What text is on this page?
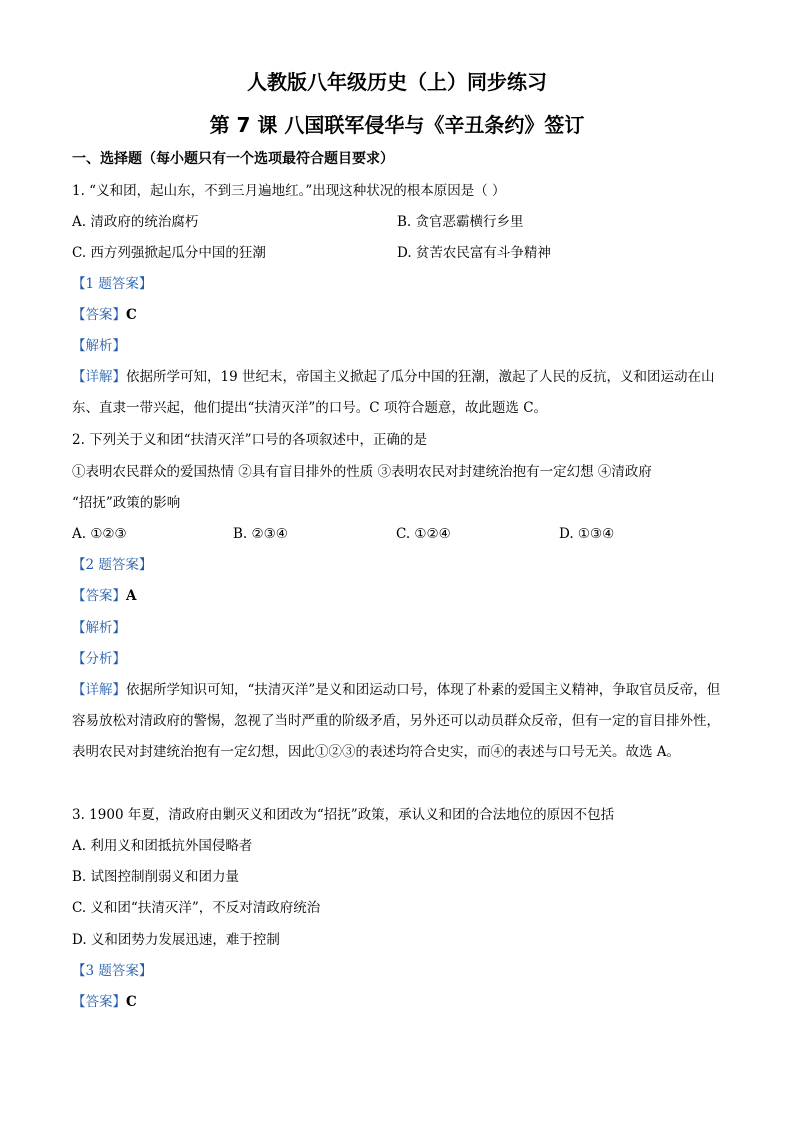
人教版八年级历史（上）同步练习
第 7 课 八国联军侵华与《辛丑条约》签订
一、选择题（每小题只有一个选项最符合题目要求）
1. “义和团，起山东，不到三月遍地红。”出现这种状况的根本原因是（ ）
A. 清政府的统治腐朽	B. 贪官恶霸横行乡里
C. 西方列强掀起瓜分中国的狂潮	D. 贫苦农民富有斗争精神
【1 题答案】
【答案】C
【解析】
【详解】依据所学可知，19 世纪末，帝国主义掀起了瓜分中国的狂潮，激起了人民的反抗，义和团运动在山东、直隶一带兴起，他们提出“扶清灭洋”的口号。C 项符合题意，故此题选 C。
2. 下列关于义和团“扶清灭洋”口号的各项叙述中，正确的是
①表明农民群众的爱国热情 ②具有盲目排外的性质 ③表明农民对封建统治抱有一定幻想 ④清政府
“招抚”政策的影响
A. ①②③	B. ②③④	C. ①②④	D. ①③④
【2 题答案】
【答案】A
【解析】
【分析】
【详解】依据所学知识可知，“扶清灭洋”是义和团运动口号，体现了朴素的爱国主义精神，争取官员反帝，但容易放松对清政府的警惕，忽视了当时严重的阶级矛盾，另外还可以动员群众反帝，但有一定的盲目排外性，表明农民对封建统治抱有一定幻想，因此①②③的表述均符合史实，而④的表述与口号无关。故选 A。
3. 1900 年夏，清政府由剿灭义和团改为“招抚”政策，承认义和团的合法地位的原因不包括
A. 利用义和团抵抗外国侵略者
B. 试图控制削弱义和团力量
C. 义和团“扶清灭洋”，不反对清政府统治
D. 义和团势力发展迅速，难于控制
【3 题答案】
【答案】C
